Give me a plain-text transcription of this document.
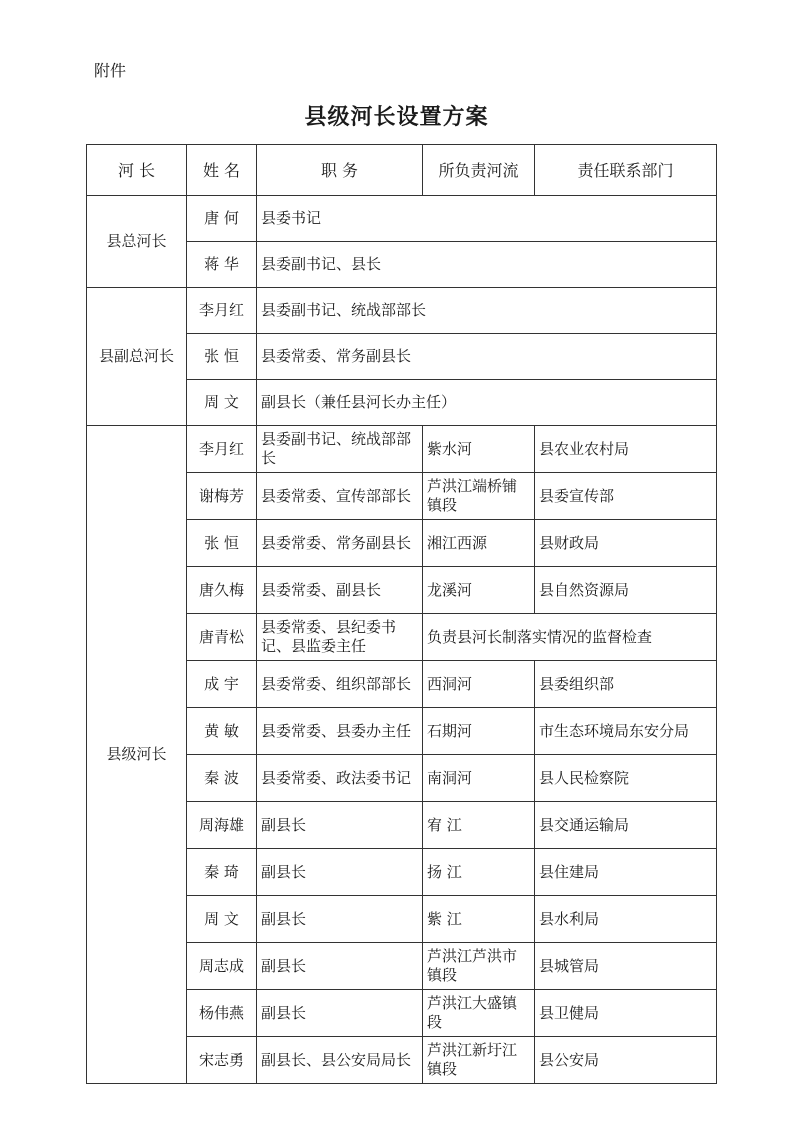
附件
县级河长设置方案
河 长	姓 名	职 务	所负责河流	责任联系部门
县总河长	唐 何	县委书记		
	蒋 华	县委副书记、县长		
县副总河长	李月红	县委副书记、统战部部长		
	张 恒	县委常委、常务副县长		
	周 文	副县长（兼任县河长办主任）		
县级河长	李月红	县委副书记、统战部部长	紫水河	县农业农村局
	谢梅芳	县委常委、宣传部部长	芦洪江端桥铺镇段	县委宣传部
	张 恒	县委常委、常务副县长	湘江西源	县财政局
	唐久梅	县委常委、副县长	龙溪河	县自然资源局
	唐青松	县委常委、县纪委书记、县监委主任	负责县河长制落实情况的监督检查	
	成 宇	县委常委、组织部部长	西洞河	县委组织部
	黄 敏	县委常委、县委办主任	石期河	市生态环境局东安分局
	秦 波	县委常委、政法委书记	南洞河	县人民检察院
	周海雄	副县长	宥 江	县交通运输局
	秦 琦	副县长	扬 江	县住建局
	周 文	副县长	紫 江	县水利局
	周志成	副县长	芦洪江芦洪市镇段	县城管局
	杨伟燕	副县长	芦洪江大盛镇段	县卫健局
	宋志勇	副县长、县公安局局长	芦洪江新圩江镇段	县公安局
